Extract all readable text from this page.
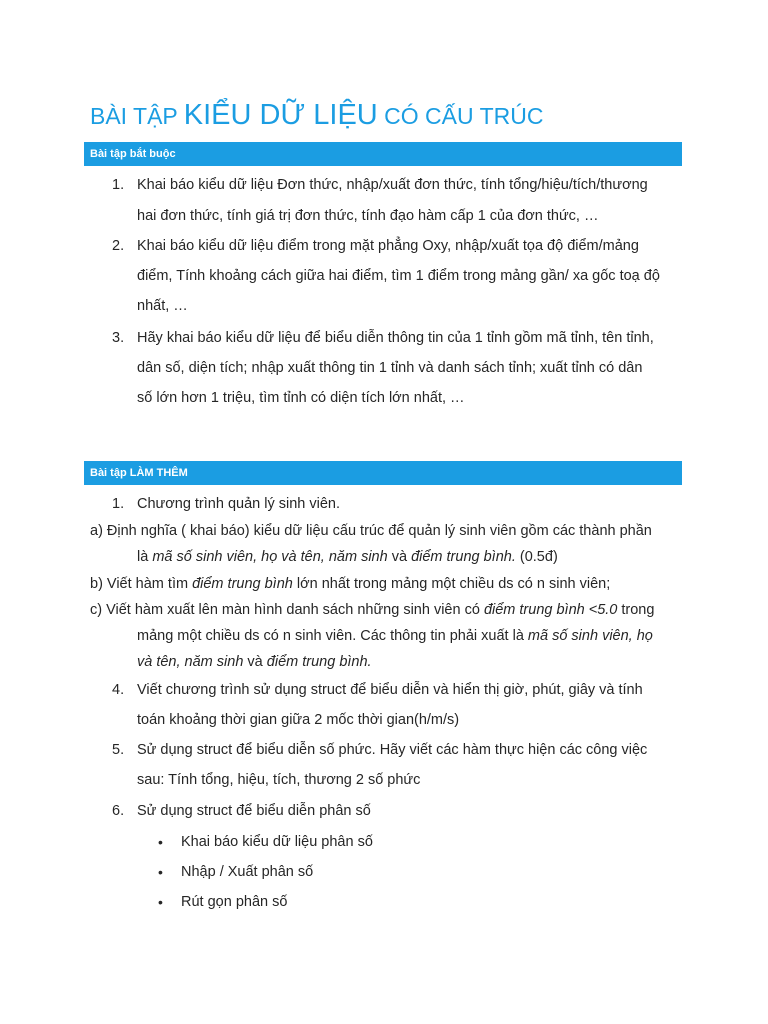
BÀI TẬP KIỂU DỮ LIỆU CÓ CẤU TRÚC
Bài tập bắt buộc
1. Khai báo kiểu dữ liệu Đơn thức, nhập/xuất đơn thức, tính tổng/hiệu/tích/thương

hai đơn thức, tính giá trị đơn thức, tính đạo hàm cấp 1 của đơn thức, …

2. Khai báo kiểu dữ liệu điểm trong mặt phẳng Oxy, nhập/xuất tọa độ điểm/mảng

điểm, Tính khoảng cách giữa hai điểm, tìm 1 điểm trong mảng gần/ xa gốc toạ độ

nhất, …

3. Hãy khai báo kiểu dữ liệu để biểu diễn thông tin của 1 tỉnh gồm mã tỉnh, tên tỉnh,

dân số, diện tích; nhập xuất thông tin 1 tỉnh và danh sách tỉnh; xuất tỉnh có dân

số lớn hơn 1 triệu, tìm tỉnh có diện tích lớn nhất, …

Bài tập LÀM THÊM
1. Chương trình quản lý sinh viên.

a) Định nghĩa ( khai báo) kiểu dữ liệu cấu trúc để quản lý sinh viên gồm các thành phần

là mã số sinh viên, họ và tên, năm sinh và điểm trung bình. (0.5đ)

b) Viết hàm tìm điểm trung bình lớn nhất trong mảng một chiều ds có n sinh viên;

c) Viết hàm xuất lên màn hình danh sách những sinh viên có điểm trung bình <5.0 trong

mảng một chiều ds có n sinh viên. Các thông tin phải xuất là mã số sinh viên, họ

và tên, năm sinh và điểm trung bình.

4. Viết chương trình sử dụng struct để biểu diễn và hiển thị giờ, phút, giây và tính

toán khoảng thời gian giữa 2 mốc thời gian(h/m/s)

5. Sử dụng struct để biểu diễn số phức. Hãy viết các hàm thực hiện các công việc

sau: Tính tổng, hiệu, tích, thương 2 số phức

6. Sử dụng struct để biểu diễn phân số

• Khai báo kiểu dữ liệu phân số

• Nhập / Xuất phân số

• Rút gọn phân số
